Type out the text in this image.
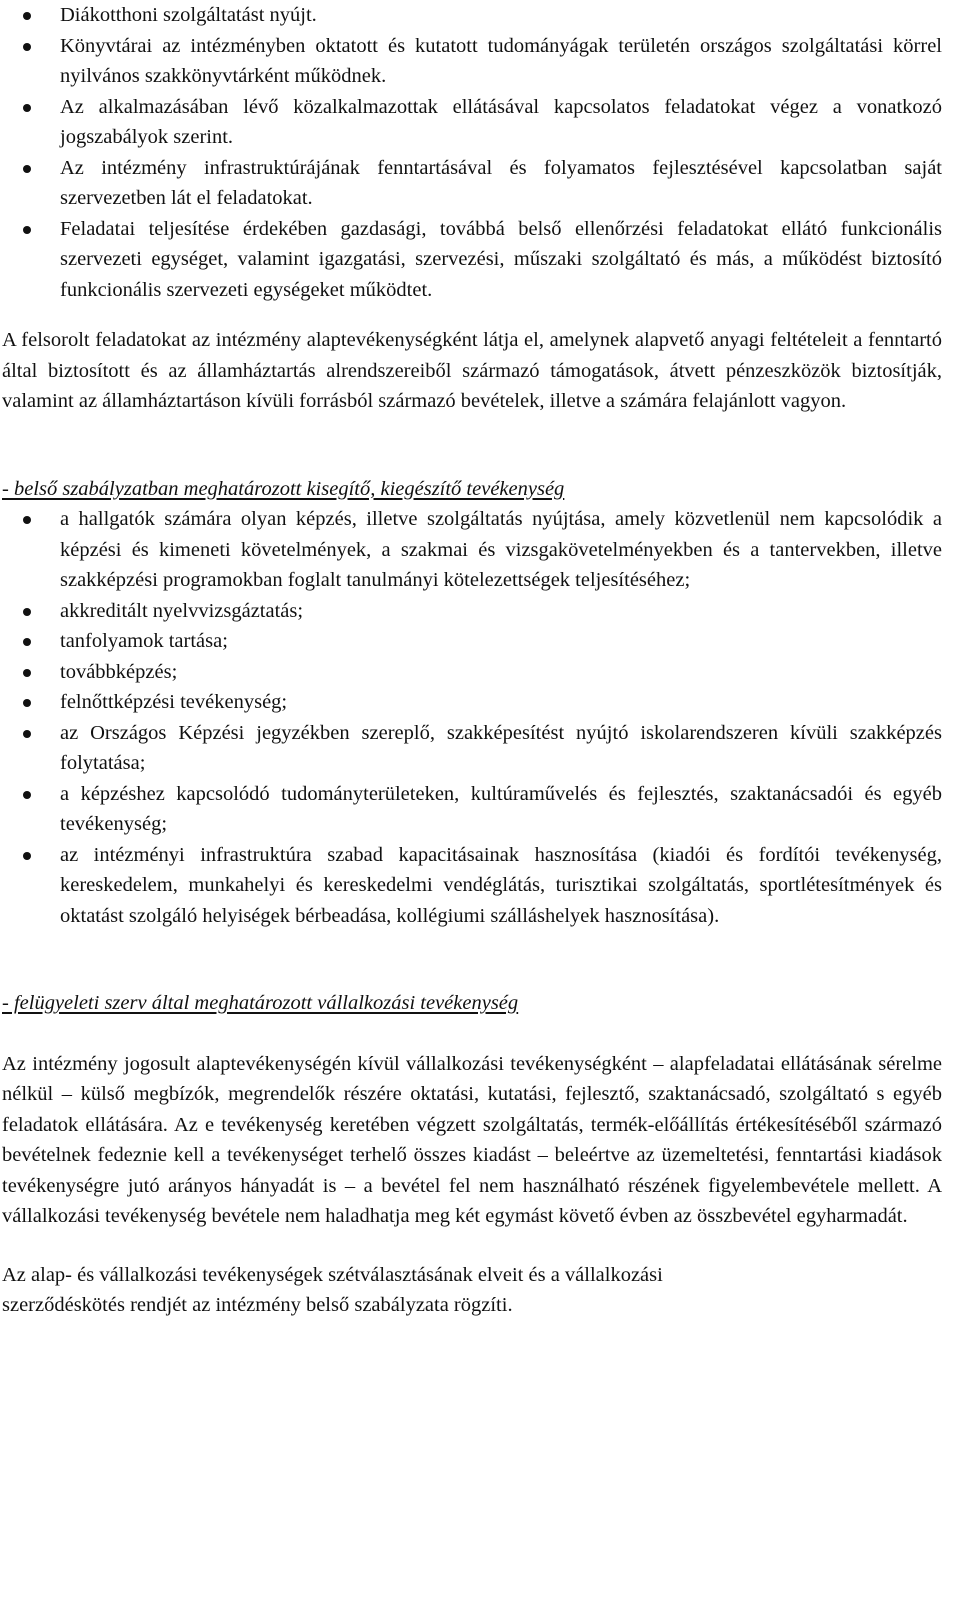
Diákotthoni szolgáltatást nyújt.
Könyvtárai az intézményben oktatott és kutatott tudományágak területén országos szolgáltatási körrel nyilvános szakkönyvtárként működnek.
Az alkalmazásában lévő közalkalmazottak ellátásával kapcsolatos feladatokat végez a vonatkozó jogszabályok szerint.
Az intézmény infrastruktúrájának fenntartásával és folyamatos fejlesztésével kapcsolatban saját szervezetben lát el feladatokat.
Feladatai teljesítése érdekében gazdasági, továbbá belső ellenőrzési feladatokat ellátó funkcionális szervezeti egységet, valamint igazgatási, szervezési, műszaki szolgáltató és más, a működést biztosító funkcionális szervezeti egységeket működtet.

A felsorolt feladatokat az intézmény alaptevékenységként látja el, amelynek alapvető anyagi feltételeit a fenntartó által biztosított és az államháztartás alrendszereiből származó támogatások, átvett pénzeszközök biztosítják, valamint az államháztartáson kívüli forrásból származó bevételek, illetve a számára felajánlott vagyon.

- belső szabályzatban meghatározott kisegítő, kiegészítő tevékenység

a hallgatók számára olyan képzés, illetve szolgáltatás nyújtása, amely közvetlenül nem kapcsolódik a képzési és kimeneti követelmények, a szakmai és vizsgakövetelményekben és a tantervekben, illetve szakképzési programokban foglalt tanulmányi kötelezettségek teljesítéséhez;
akkreditált nyelvvizsgáztatás;
tanfolyamok tartása;
továbbképzés;
felnőttképzési tevékenység;
az Országos Képzési jegyzékben szereplő, szakképesítést nyújtó iskolarendszeren kívüli szakképzés folytatása;
a képzéshez kapcsolódó tudományterületeken, kultúraművelés és fejlesztés, szaktanácsadói és egyéb tevékenység;
az intézményi infrastruktúra szabad kapacitásainak hasznosítása (kiadói és fordítói tevékenység, kereskedelem, munkahelyi és kereskedelmi vendéglátás, turisztikai szolgáltatás, sportlétesítmények és oktatást szolgáló helyiségek bérbeadása, kollégiumi szálláshelyek hasznosítása).

- felügyeleti szerv által meghatározott vállalkozási tevékenység

Az intézmény jogosult alaptevékenységén kívül vállalkozási tevékenységként – alapfeladatai ellátásának sérelme nélkül – külső megbízók, megrendelők részére oktatási, kutatási, fejlesztő, szaktanácsadó, szolgáltató s egyéb feladatok ellátására. Az e tevékenység keretében végzett szolgáltatás, termék-előállítás értékesítéséből származó bevételnek fedeznie kell a tevékenységet terhelő összes kiadást – beleértve az üzemeltetési, fenntartási kiadások tevékenységre jutó arányos hányadát is – a bevétel fel nem használható részének figyelembevétele mellett. A vállalkozási tevékenység bevétele nem haladhatja meg két egymást követő évben az összbevétel egyharmadát.

Az alap- és vállalkozási tevékenységek szétválasztásának elveit és a vállalkozási
szerződéskötés rendjét az intézmény belső szabályzata rögzíti.
